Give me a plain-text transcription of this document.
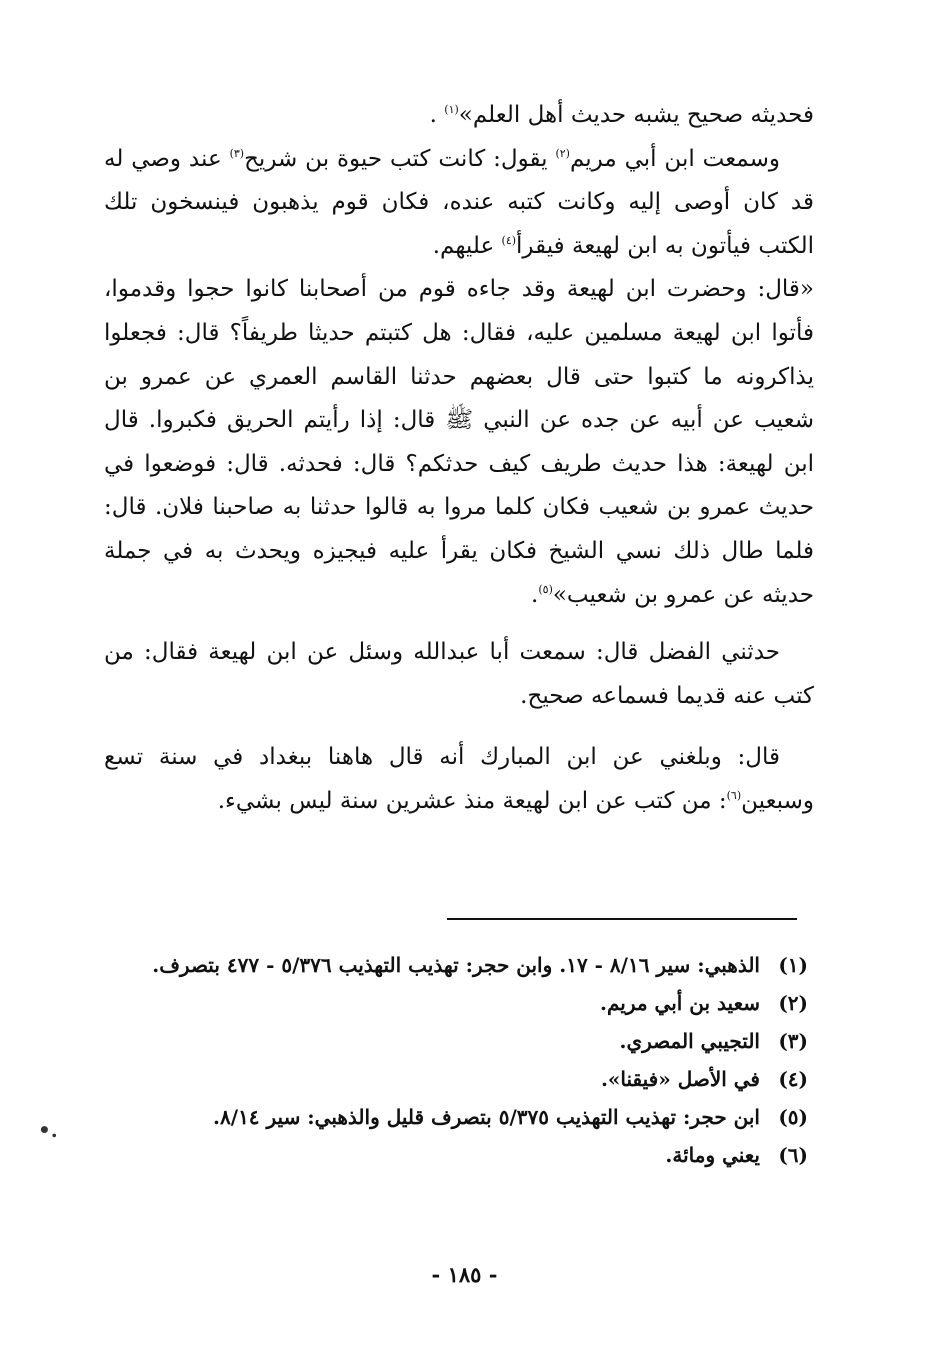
فحديثه صحيح يشبه حديث أهل العلم»$^{(١)}$ .

وسمعت ابن أبي مريم$^{(٢)}$ يقول: كانت كتب حيوة بن شريح$^{(٣)}$ عند وصي له قد كان أوصى إليه وكانت كتبه عنده، فكان قوم يذهبون فينسخون تلك الكتب فيأتون به ابن لهيعة فيقرأ$^{(٤)}$ عليهم.

«قال: وحضرت ابن لهيعة وقد جاءه قوم من أصحابنا كانوا حجوا وقدموا، فأتوا ابن لهيعة مسلمين عليه، فقال: هل كتبتم حديثا طريفاً؟ قال: فجعلوا يذاكرونه ما كتبوا حتى قال بعضهم حدثنا القاسم العمري عن عمرو بن شعيب عن أبيه عن جده عن النبي ﷺ قال: إذا رأيتم الحريق فكبروا. قال ابن لهيعة: هذا حديث طريف كيف حدثكم؟ قال: فحدثه. قال: فوضعوا في حديث عمرو بن شعيب فكان كلما مروا به قالوا حدثنا به صاحبنا فلان. قال: فلما طال ذلك نسي الشيخ فكان يقرأ عليه فيجيزه ويحدث به في جملة حديثه عن عمرو بن شعيب»$^{(٥)}$.

حدثني الفضل قال: سمعت أبا عبدالله وسئل عن ابن لهيعة فقال: من كتب عنه قديما فسماعه صحيح.

قال: وبلغني عن ابن المبارك أنه قال هاهنا ببغداد في سنة تسع وسبعين$^{(٦)}$: من كتب عن ابن لهيعة منذ عشرين سنة ليس بشيء.

(١)
الذهبي: سير ٨/١٦ - ١٧. وابن حجر: تهذيب التهذيب ٥/٣٧٦ - ٤٧٧ بتصرف.
(٢)
سعيد بن أبي مريم.
(٣)
التجيبي المصري.
(٤)
في الأصل «فيقنا».
(٥)
ابن حجر: تهذيب التهذيب ٥/٣٧٥ بتصرف قليل والذهبي: سير ٨/١٤.
(٦)
يعني ومائة.
•.
- ١٨٥ -
